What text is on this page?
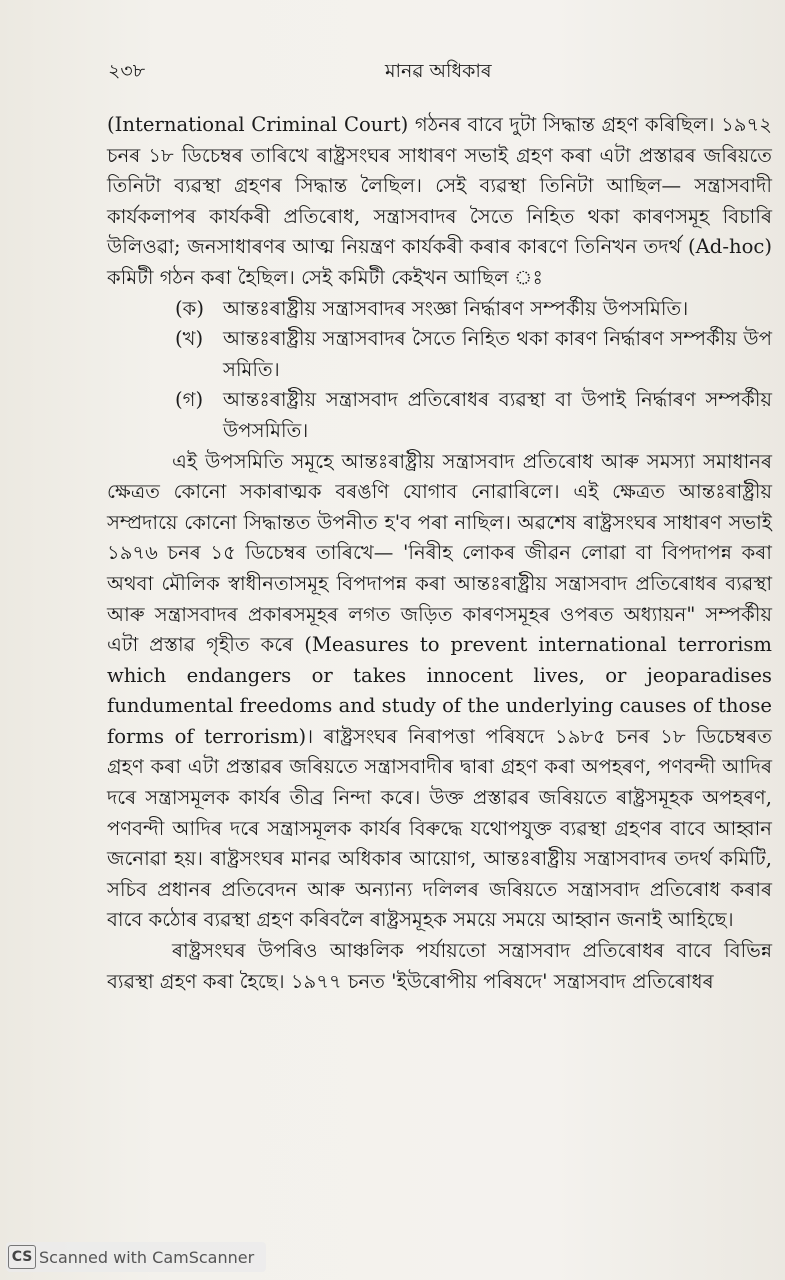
২৩৮	মানৱ অধিকাৰ

(International Criminal Court) গঠনৰ বাবে দুটা সিদ্ধান্ত গ্ৰহণ কৰিছিল। ১৯৭২ চনৰ ১৮ ডিচেম্বৰ তাৰিখে ৰাষ্ট্ৰসংঘৰ সাধাৰণ সভাই গ্ৰহণ কৰা এটা প্ৰস্তাৱৰ জৰিয়তে তিনিটা ব্যৱস্থা গ্ৰহণৰ সিদ্ধান্ত লৈছিল। সেই ব্যৱস্থা তিনিটা আছিল— সন্ত্ৰাসবাদী কাৰ্যকলাপৰ কাৰ্যকৰী প্ৰতিৰোধ, সন্ত্ৰাসবাদৰ সৈতে নিহিত থকা কাৰণসমূহ বিচাৰি উলিওৱা; জনসাধাৰণৰ আত্ম নিয়ন্ত্ৰণ কাৰ্যকৰী কৰাৰ কাৰণে তিনিখন তদৰ্থ (Ad-hoc) কমিটী গঠন কৰা হৈছিল। সেই কমিটী কেইখন আছিল ঃ

(ক) আন্তঃৰাষ্ট্ৰীয় সন্ত্ৰাসবাদৰ সংজ্ঞা নিৰ্দ্ধাৰণ সম্পৰ্কীয় উপসমিতি।
(খ)	আন্তঃৰাষ্ট্ৰীয় সন্ত্ৰাসবাদৰ সৈতে নিহিত থকা কাৰণ নিৰ্দ্ধাৰণ সম্পৰ্কীয় উপ সমিতি।
(গ)	আন্তঃৰাষ্ট্ৰীয় সন্ত্ৰাসবাদ প্ৰতিৰোধৰ ব্যৱস্থা বা উপাই নিৰ্দ্ধাৰণ সম্পৰ্কীয় উপসমিতি।

এই উপসমিতি সমূহে আন্তঃৰাষ্ট্ৰীয় সন্ত্ৰাসবাদ প্ৰতিৰোধ আৰু সমস্যা সমাধানৰ ক্ষেত্ৰত কোনো সকাৰাত্মক বৰঙণি যোগাব নোৱাৰিলে। এই ক্ষেত্ৰত আন্তঃৰাষ্ট্ৰীয় সম্প্ৰদায়ে কোনো সিদ্ধান্তত উপনীত হ'ব পৰা নাছিল। অৱশেষ ৰাষ্ট্ৰসংঘৰ সাধাৰণ সভাই ১৯৭৬ চনৰ ১৫ ডিচেম্বৰ তাৰিখে— 'নিৰীহ লোকৰ জীৱন লোৱা বা বিপদাপন্ন কৰা অথবা মৌলিক স্বাধীনতাসমূহ বিপদাপন্ন কৰা আন্তঃৰাষ্ট্ৰীয় সন্ত্ৰাসবাদ প্ৰতিৰোধৰ ব্যৱস্থা আৰু সন্ত্ৰাসবাদৰ প্ৰকাৰসমূহৰ লগত জড়িত কাৰণসমূহৰ ওপৰত অধ্যায়ন" সম্পৰ্কীয় এটা প্ৰস্তাৱ গৃহীত কৰে (Measures to prevent international terrorism which endangers or takes innocent lives, or jeoparadises fundumental freedoms and study of the underlying causes of those forms of terrorism)। ৰাষ্ট্ৰসংঘৰ নিৰাপত্তা পৰিষদে ১৯৮৫ চনৰ ১৮ ডিচেম্বৰত গ্ৰহণ কৰা এটা প্ৰস্তাৱৰ জৰিয়তে সন্ত্ৰাসবাদীৰ দ্বাৰা গ্ৰহণ কৰা অপহৰণ, পণবন্দী আদিৰ দৰে সন্ত্ৰাসমূলক কাৰ্যৰ তীব্ৰ নিন্দা কৰে। উক্ত প্ৰস্তাৱৰ জৰিয়তে ৰাষ্ট্ৰসমূহক অপহৰণ, পণবন্দী আদিৰ দৰে সন্ত্ৰাসমূলক কাৰ্যৰ বিৰুদ্ধে যথোপযুক্ত ব্যৱস্থা গ্ৰহণৰ বাবে আহ্বান জনোৱা হয়। ৰাষ্ট্ৰসংঘৰ মানৱ অধিকাৰ আয়োগ, আন্তঃৰাষ্ট্ৰীয় সন্ত্ৰাসবাদৰ তদৰ্থ কমিটি, সচিব প্ৰধানৰ প্ৰতিবেদন আৰু অন্যান্য দলিলৰ জৰিয়তে সন্ত্ৰাসবাদ প্ৰতিৰোধ কৰাৰ বাবে কঠোৰ ব্যৱস্থা গ্ৰহণ কৰিবলৈ ৰাষ্ট্ৰসমূহক সময়ে সময়ে আহ্বান জনাই আহিছে।

ৰাষ্ট্ৰসংঘৰ উপৰিও আঞ্চলিক পৰ্যায়তো সন্ত্ৰাসবাদ প্ৰতিৰোধৰ বাবে বিভিন্ন ব্যৱস্থা গ্ৰহণ কৰা হৈছে। ১৯৭৭ চনত 'ইউৰোপীয় পৰিষদে' সন্ত্ৰাসবাদ প্ৰতিৰোধৰ

CS Scanned with CamScanner
